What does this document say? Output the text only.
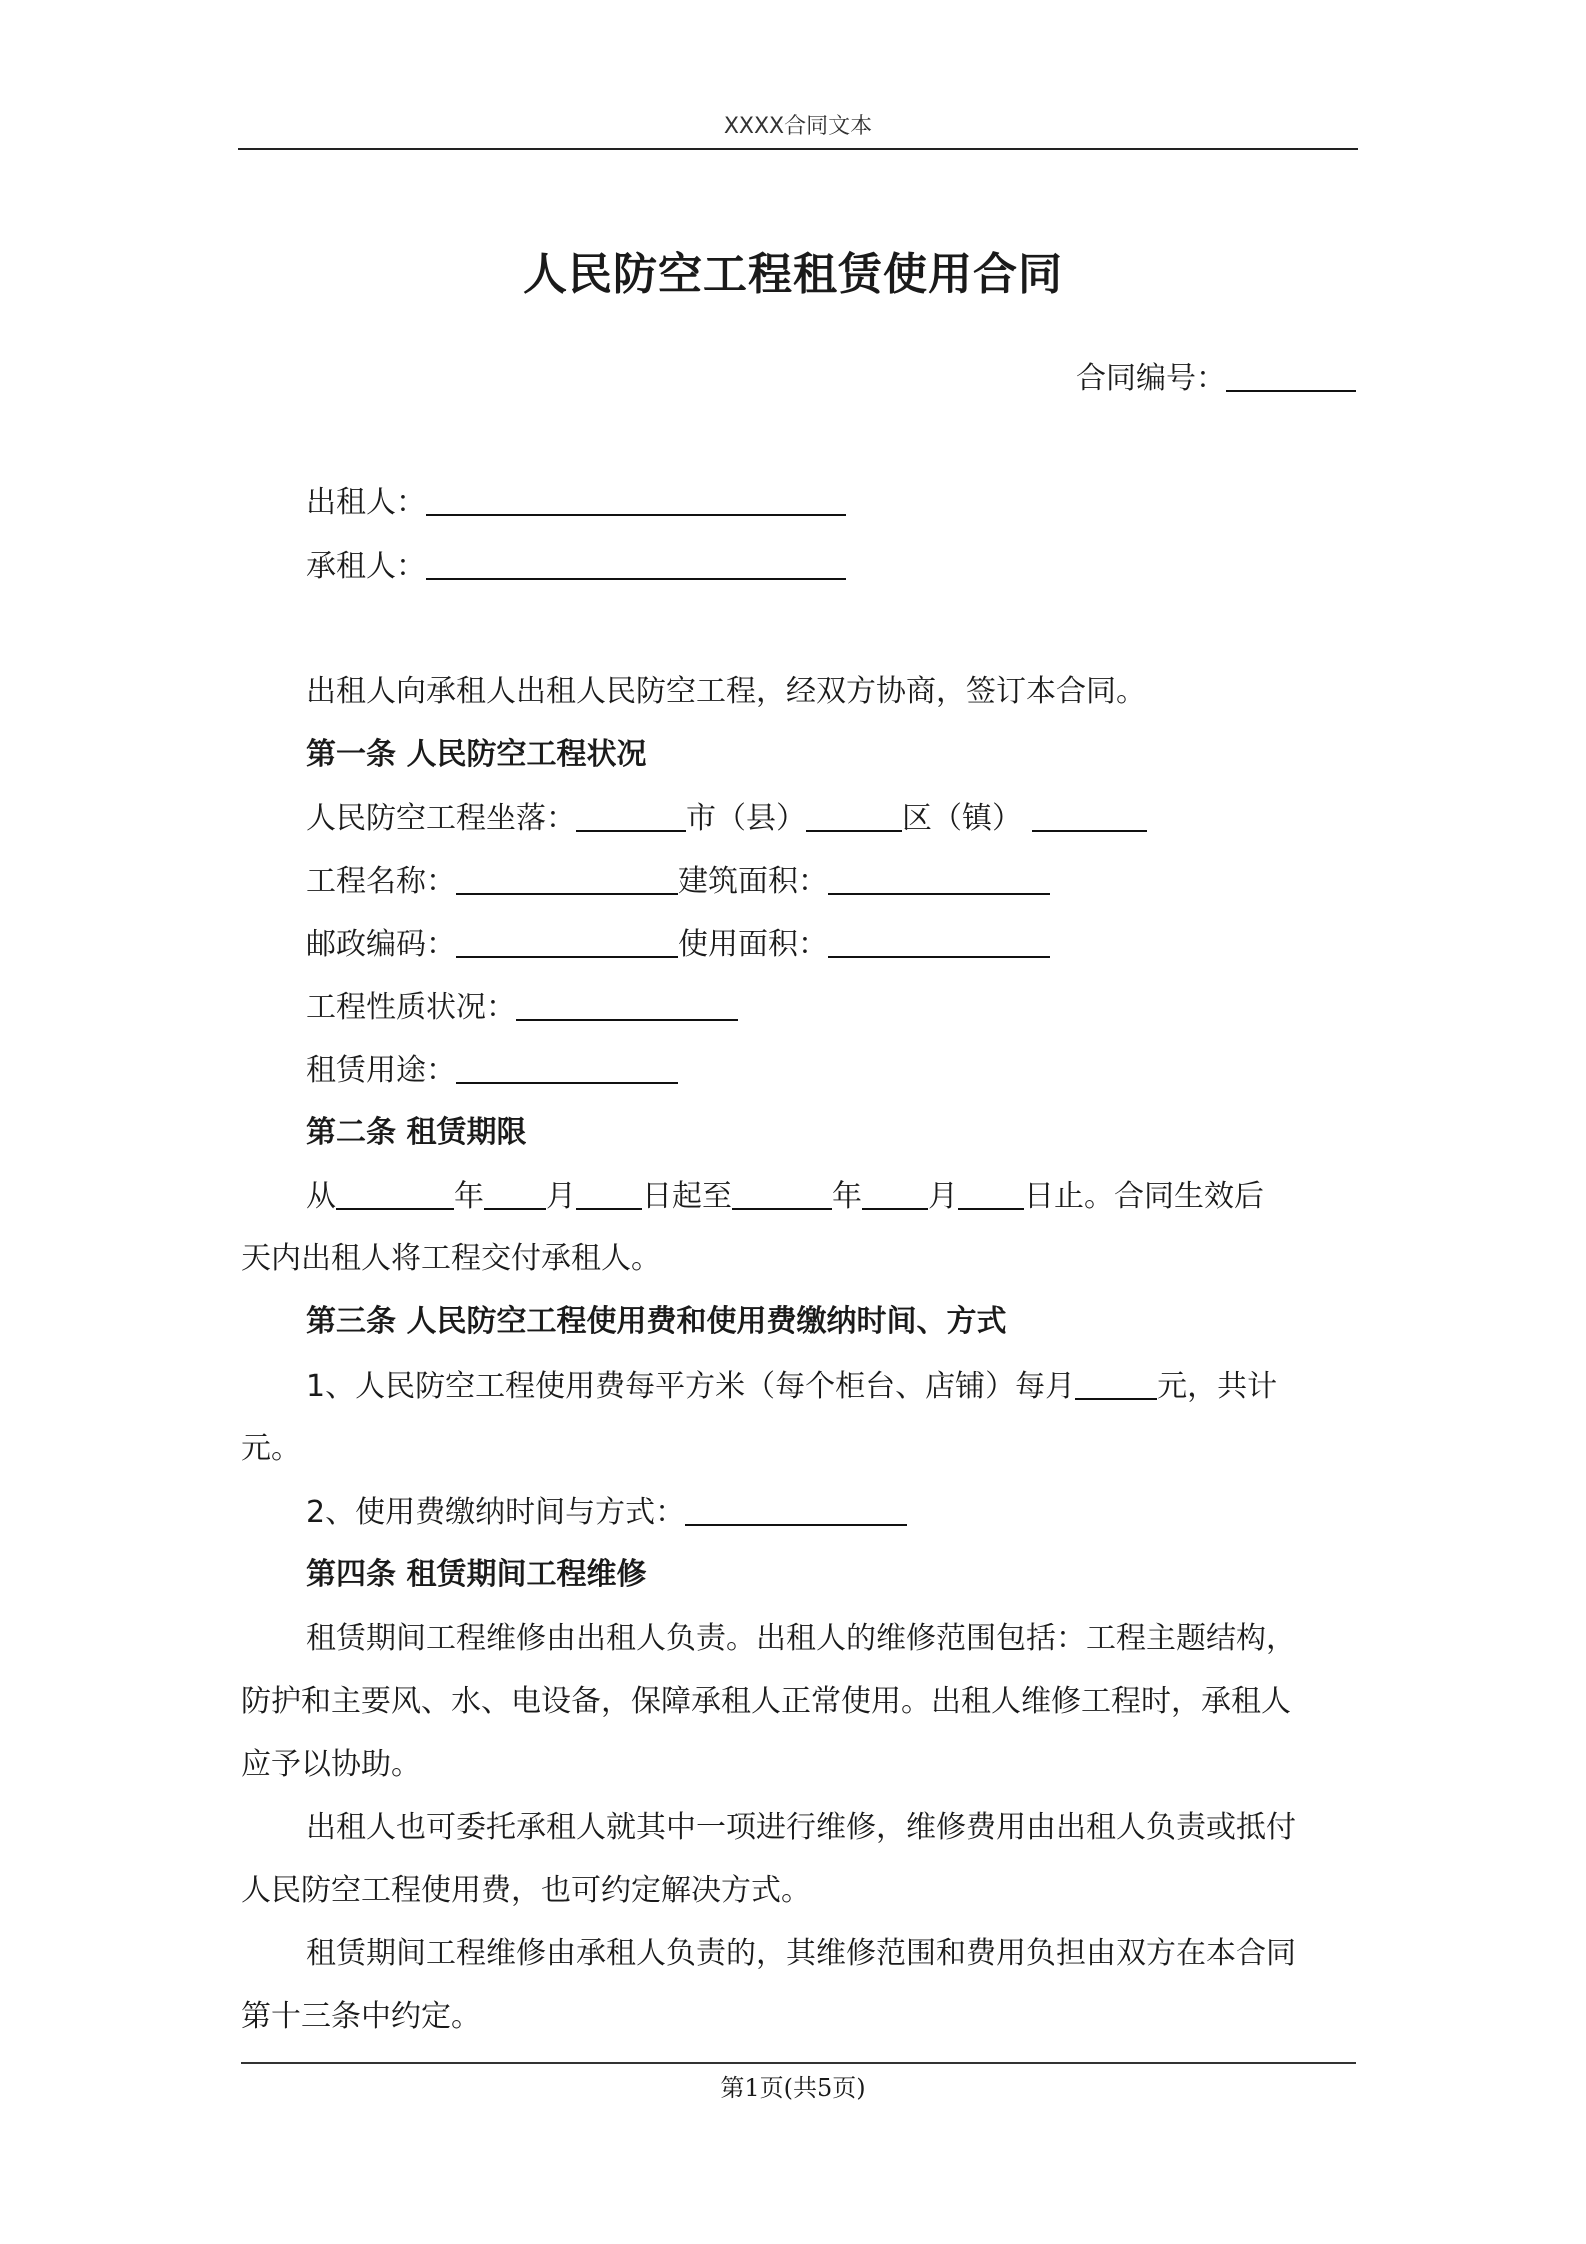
XXXX合同文本
人民防空工程租赁使用合同
合同编号：
出租人：
承租人：
出租人向承租人出租人民防空工程，经双方协商，签订本合同。
第一条 人民防空工程状况
人民防空工程坐落：	市（县）	区（镇）
工程名称：	建筑面积：
邮政编码：	使用面积：
工程性质状况：
租赁用途：
第二条 租赁期限
从	年 月 日起至	年 月 日止。合同生效后
天内出租人将工程交付承租人。
第三条 人民防空工程使用费和使用费缴纳时间、方式
1、人民防空工程使用费每平方米（每个柜台、店铺）每月	元，共计
元。
2、使用费缴纳时间与方式：
第四条 租赁期间工程维修
租赁期间工程维修由出租人负责。出租人的维修范围包括：工程主题结构，
防护和主要风、水、电设备，保障承租人正常使用。出租人维修工程时，承租人
应予以协助。
出租人也可委托承租人就其中一项进行维修，维修费用由出租人负责或抵付
人民防空工程使用费，也可约定解决方式。
租赁期间工程维修由承租人负责的，其维修范围和费用负担由双方在本合同
第十三条中约定。
第1页(共5页)
